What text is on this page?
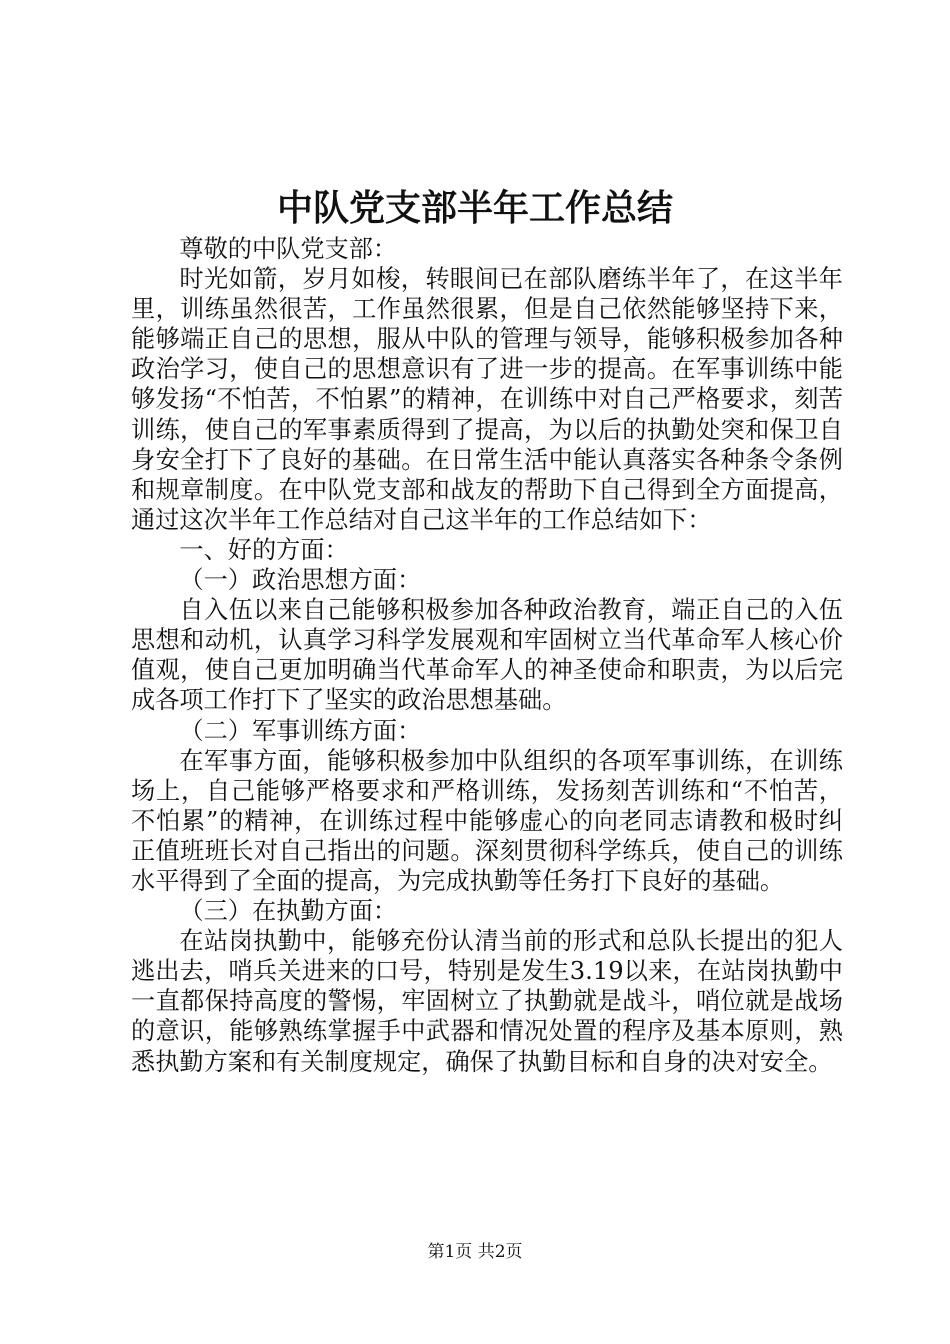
中队党支部半年工作总结

尊敬的中队党支部：

时光如箭，岁月如梭，转眼间已在部队磨练半年了，在这半年里，训练虽然很苦，工作虽然很累，但是自己依然能够坚持下来，能够端正自己的思想，服从中队的管理与领导，能够积极参加各种政治学习，使自己的思想意识有了进一步的提高。在军事训练中能够发扬“不怕苦，不怕累”的精神，在训练中对自己严格要求，刻苦训练，使自己的军事素质得到了提高，为以后的执勤处突和保卫自身安全打下了良好的基础。在日常生活中能认真落实各种条令条例和规章制度。在中队党支部和战友的帮助下自己得到全方面提高，通过这次半年工作总结对自己这半年的工作总结如下：

一、好的方面：

（一）政治思想方面：

自入伍以来自己能够积极参加各种政治教育，端正自己的入伍思想和动机，认真学习科学发展观和牢固树立当代革命军人核心价值观，使自己更加明确当代革命军人的神圣使命和职责，为以后完成各项工作打下了坚实的政治思想基础。

（二）军事训练方面：

在军事方面，能够积极参加中队组织的各项军事训练，在训练场上，自己能够严格要求和严格训练，发扬刻苦训练和“不怕苦，不怕累”的精神，在训练过程中能够虚心的向老同志请教和极时纠正值班班长对自己指出的问题。深刻贯彻科学练兵，使自己的训练水平得到了全面的提高，为完成执勤等任务打下良好的基础。

（三）在执勤方面：

在站岗执勤中，能够充份认清当前的形式和总队长提出的犯人逃出去，哨兵关进来的口号，特别是发生3.19以来，在站岗执勤中一直都保持高度的警惕，牢固树立了执勤就是战斗，哨位就是战场的意识，能够熟练掌握手中武器和情况处置的程序及基本原则，熟悉执勤方案和有关制度规定，确保了执勤目标和自身的决对安全。

第1页 共2页
